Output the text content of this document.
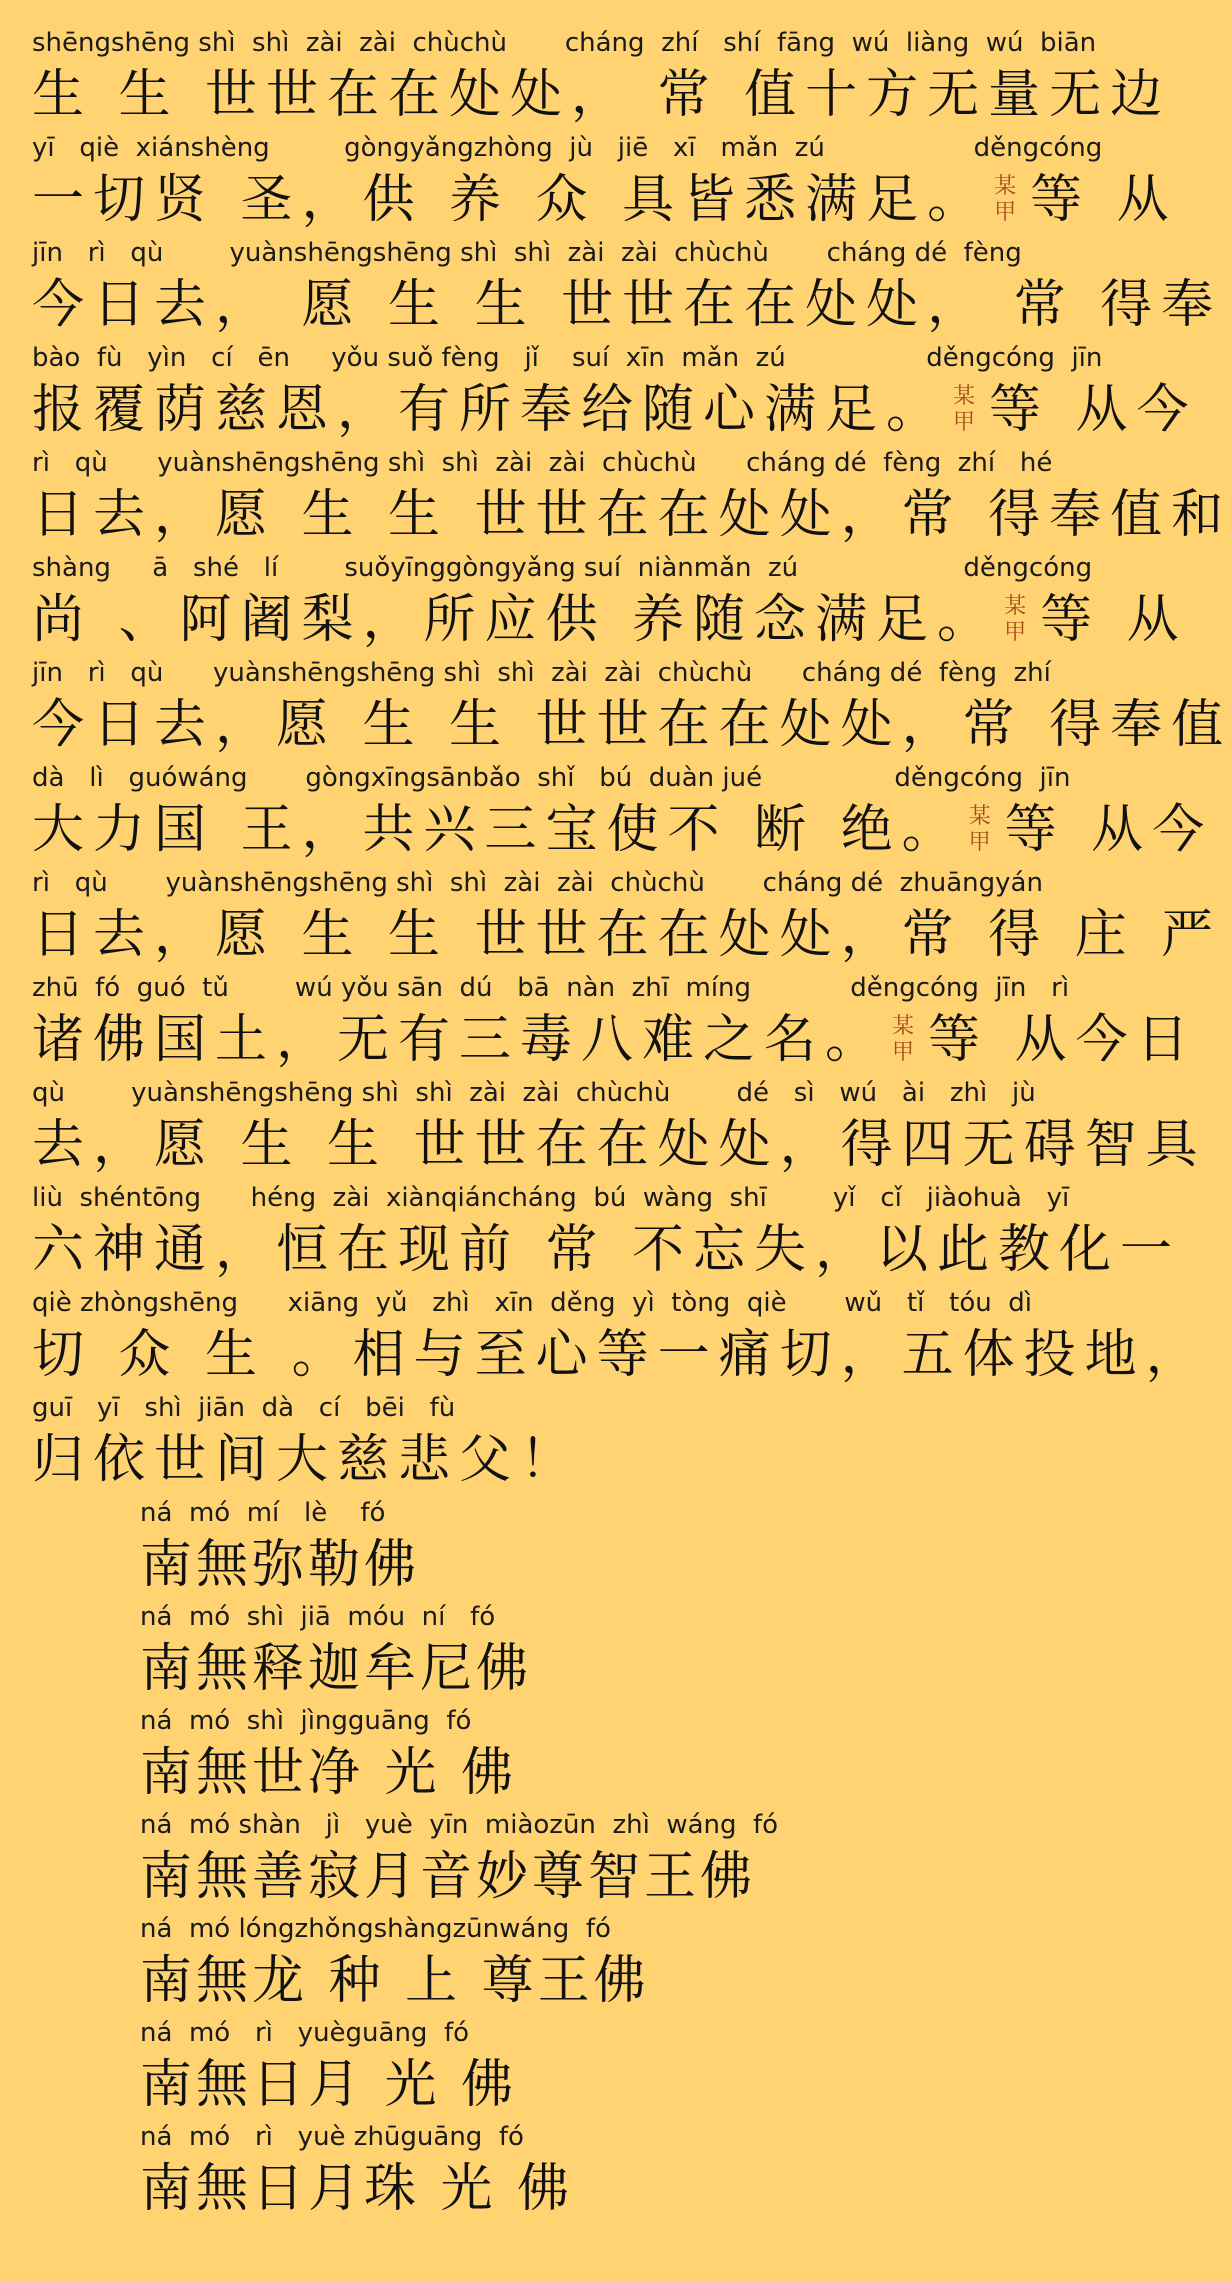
shēngshēng shì  shì  zài  zài  chùchù       cháng  zhí   shí  fāng  wú  liàng  wú  biān
生 生 世世在在处处， 常 值十方无量无边
yī   qiè  xiánshèng         gòngyǎngzhòng  jù   jiē   xī   mǎn  zú                  děngcóng
一切贤 圣，供 养 众 具皆悉满足。 某
甲 等 从
jīn   rì   qù        yuànshēngshēng shì  shì  zài  zài  chùchù       cháng dé  fèng
今日去， 愿 生 生 世世在在处处， 常 得奉
bào  fù   yìn   cí   ēn     yǒu suǒ fèng   jǐ    suí  xīn  mǎn  zú                 děngcóng  jīn
报覆荫慈恩，有所奉给随心满足。 某
甲 等 从今
rì   qù      yuànshēngshēng shì  shì  zài  zài  chùchù      cháng dé  fèng  zhí   hé
日去，愿 生 生 世世在在处处，常 得奉值和
shàng     ā   shé   lí        suǒyīnggòngyǎng suí  niànmǎn  zú                    děngcóng
尚 、阿阇梨，所应供 养随念满足。 某
甲 等 从
jīn   rì   qù      yuànshēngshēng shì  shì  zài  zài  chùchù      cháng dé  fèng  zhí
今日去，愿 生 生 世世在在处处，常 得奉值
dà   lì   guówáng       gòngxīngsānbǎo  shǐ   bú  duàn jué                děngcóng  jīn
大力国 王，共兴三宝使不 断 绝。 某
甲 等 从今
rì   qù       yuànshēngshēng shì  shì  zài  zài  chùchù       cháng dé  zhuāngyán
日去，愿 生 生 世世在在处处，常 得 庄 严
zhū  fó  guó  tǔ        wú yǒu sān  dú   bā  nàn  zhī  míng            děngcóng  jīn   rì
诸佛国土，无有三毒八难之名。 某
甲 等 从今日
qù        yuànshēngshēng shì  shì  zài  zài  chùchù        dé   sì   wú   ài   zhì   jù
去，愿 生 生 世世在在处处，得四无碍智具
liù  shéntōng      héng  zài  xiànqiáncháng  bú  wàng  shī        yǐ   cǐ   jiàohuà   yī
六神通，恒在现前 常 不忘失，以此教化一
qiè zhòngshēng      xiāng  yǔ   zhì   xīn  děng  yì  tòng  qiè       wǔ   tǐ   tóu  dì
切 众 生 。相与至心等一痛切，五体投地，
guī   yī   shì  jiān  dà   cí   bēi   fù
归依世间大慈悲父！
ná  mó  mí   lè    fó
南無弥勒佛
ná  mó  shì  jiā  móu  ní   fó
南無释迦牟尼佛
ná  mó  shì  jìngguāng  fó
南無世净 光 佛
ná  mó shàn   jì   yuè  yīn  miàozūn  zhì  wáng  fó
南無善寂月音妙尊智王佛
ná  mó lóngzhǒngshàngzūnwáng  fó
南無龙 种 上 尊王佛
ná  mó   rì   yuèguāng  fó
南無日月 光 佛
ná  mó   rì   yuè zhūguāng  fó
南無日月珠 光 佛
